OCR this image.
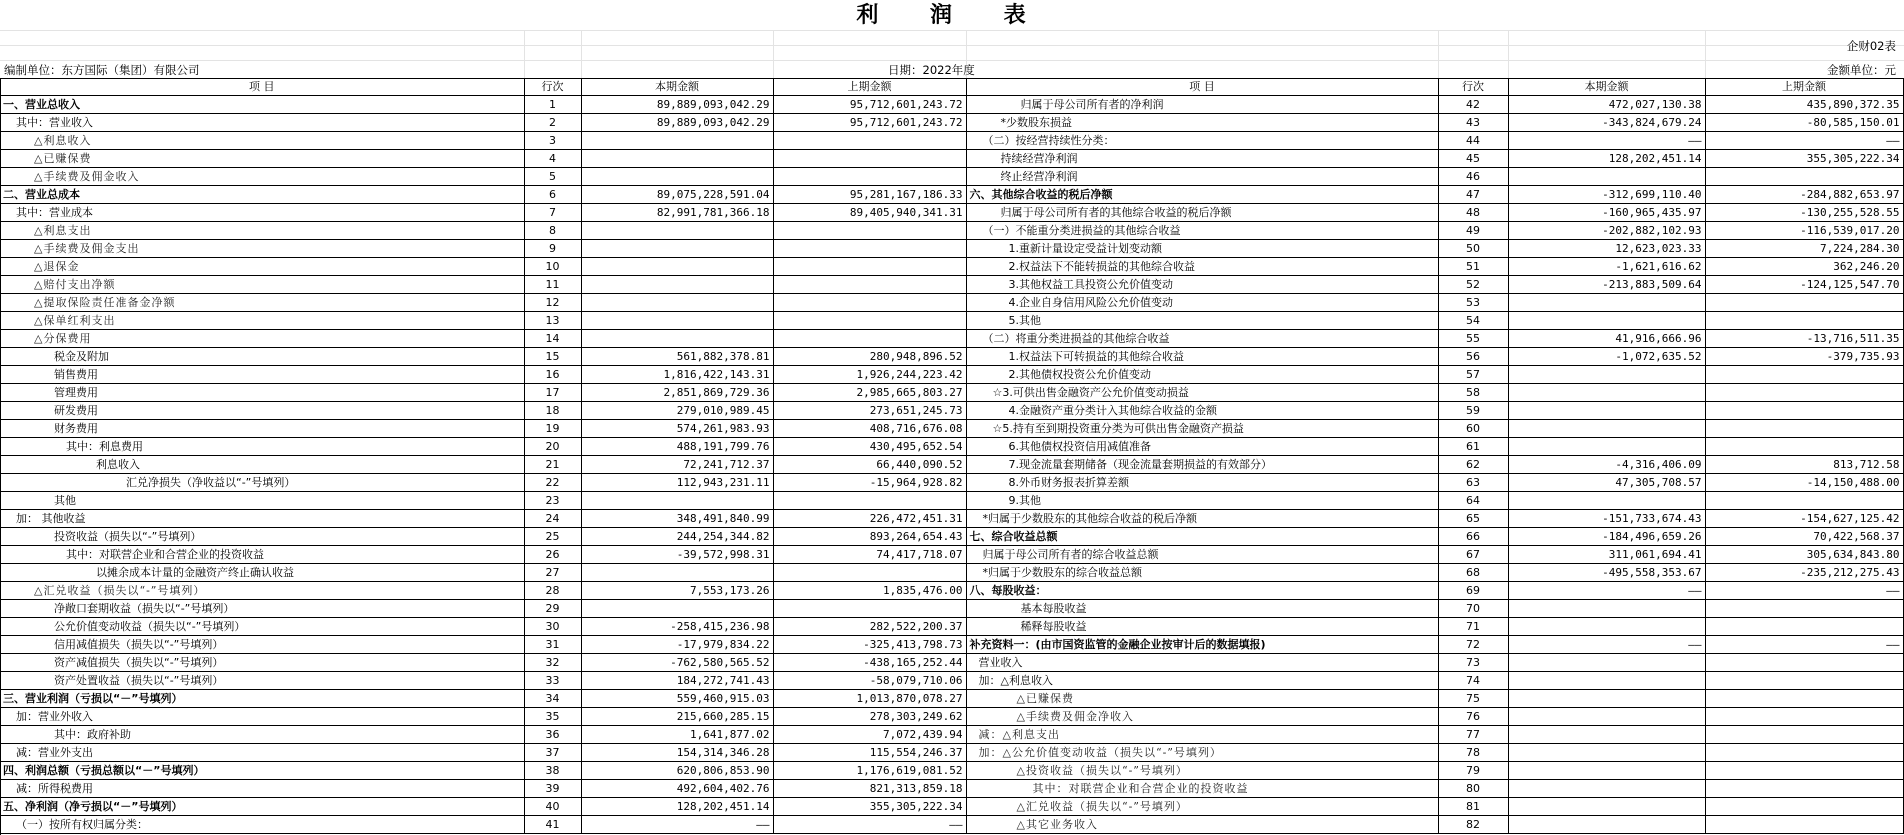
利 润 表
企财02表
编制单位：东方国际（集团）有限公司	日期：2022年度	金额单位：元
项 目	行次	本期金额	上期金额	项 目	行次	本期金额	上期金额
一、营业总收入	1	89,889,093,042.29	95,712,601,243.72	归属于母公司所有者的净利润	42	472,027,130.38	435,890,372.35
其中：营业收入	2	89,889,093,042.29	95,712,601,243.72	*少数股东损益	43	-343,824,679.24	-80,585,150.01
△利息收入	3			（二）按经营持续性分类：	44	——	——
△已赚保费	4			持续经营净利润	45	128,202,451.14	355,305,222.34
△手续费及佣金收入	5			终止经营净利润	46		
二、营业总成本	6	89,075,228,591.04	95,281,167,186.33	六、其他综合收益的税后净额	47	-312,699,110.40	-284,882,653.97
其中：营业成本	7	82,991,781,366.18	89,405,940,341.31	归属于母公司所有者的其他综合收益的税后净额	48	-160,965,435.97	-130,255,528.55
△利息支出	8			（一）不能重分类进损益的其他综合收益	49	-202,882,102.93	-116,539,017.20
△手续费及佣金支出	9			1.重新计量设定受益计划变动额	50	12,623,023.33	7,224,284.30
△退保金	10			2.权益法下不能转损益的其他综合收益	51	-1,621,616.62	362,246.20
△赔付支出净额	11			3.其他权益工具投资公允价值变动	52	-213,883,509.64	-124,125,547.70
△提取保险责任准备金净额	12			4.企业自身信用风险公允价值变动	53		
△保单红利支出	13			5.其他	54		
△分保费用	14			（二）将重分类进损益的其他综合收益	55	41,916,666.96	-13,716,511.35
税金及附加	15	561,882,378.81	280,948,896.52	1.权益法下可转损益的其他综合收益	56	-1,072,635.52	-379,735.93
销售费用	16	1,816,422,143.31	1,926,244,223.42	2.其他债权投资公允价值变动	57		
管理费用	17	2,851,869,729.36	2,985,665,803.27	☆3.可供出售金融资产公允价值变动损益	58		
研发费用	18	279,010,989.45	273,651,245.73	4.金融资产重分类计入其他综合收益的金额	59		
财务费用	19	574,261,983.93	408,716,676.08	☆5.持有至到期投资重分类为可供出售金融资产损益	60		
其中：利息费用	20	488,191,799.76	430,495,652.54	6.其他债权投资信用减值准备	61		
利息收入	21	72,241,712.37	66,440,090.52	7.现金流量套期储备（现金流量套期损益的有效部分）	62	-4,316,406.09	813,712.58
汇兑净损失（净收益以“-”号填列）	22	112,943,231.11	-15,964,928.82	8.外币财务报表折算差额	63	47,305,708.57	-14,150,488.00
其他	23			9.其他	64		
加： 其他收益	24	348,491,840.99	226,472,451.31	*归属于少数股东的其他综合收益的税后净额	65	-151,733,674.43	-154,627,125.42
投资收益（损失以“-”号填列）	25	244,254,344.82	893,264,654.43	七、综合收益总额	66	-184,496,659.26	70,422,568.37
其中：对联营企业和合营企业的投资收益	26	-39,572,998.31	74,417,718.07	归属于母公司所有者的综合收益总额	67	311,061,694.41	305,634,843.80
以摊余成本计量的金融资产终止确认收益	27			*归属于少数股东的综合收益总额	68	-495,558,353.67	-235,212,275.43
△汇兑收益（损失以“-”号填列）	28	7,553,173.26	1,835,476.00	八、每股收益：	69	——	——
净敞口套期收益（损失以“-”号填列）	29			基本每股收益	70		
公允价值变动收益（损失以“-”号填列）	30	-258,415,236.98	282,522,200.37	稀释每股收益	71		
信用减值损失（损失以“-”号填列）	31	-17,979,834.22	-325,413,798.73	补充资料一：(由市国资监管的金融企业按审计后的数据填报)	72	——	——
资产减值损失（损失以“-”号填列）	32	-762,580,565.52	-438,165,252.44	营业收入	73		
资产处置收益（损失以“-”号填列）	33	184,272,741.43	-58,079,710.06	加：△利息收入	74		
三、营业利润（亏损以“－”号填列）	34	559,460,915.03	1,013,870,078.27	△已赚保费	75		
加：营业外收入	35	215,660,285.15	278,303,249.62	△手续费及佣金净收入	76		
其中：政府补助	36	1,641,877.02	7,072,439.94	减：△利息支出	77		
减：营业外支出	37	154,314,346.28	115,554,246.37	加：△公允价值变动收益（损失以“-”号填列）	78		
四、利润总额（亏损总额以“－”号填列）	38	620,806,853.90	1,176,619,081.52	△投资收益（损失以“-”号填列）	79		
减：所得税费用	39	492,604,402.76	821,313,859.18	其中：对联营企业和合营企业的投资收益	80		
五、净利润（净亏损以“－”号填列）	40	128,202,451.14	355,305,222.34	△汇兑收益（损失以“-”号填列）	81		
（一）按所有权归属分类：	41	——	——	△其它业务收入	82		
